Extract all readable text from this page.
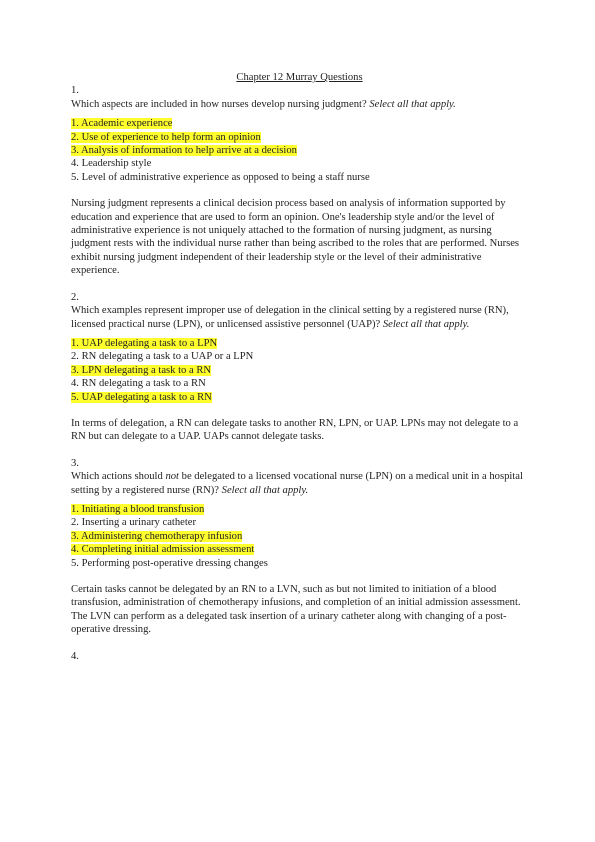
Chapter 12 Murray Questions

1.

Which aspects are included in how nurses develop nursing judgment? Select all that apply.

1. Academic experience
2. Use of experience to help form an opinion
3. Analysis of information to help arrive at a decision
4. Leadership style
5. Level of administrative experience as opposed to being a staff nurse

Nursing judgment represents a clinical decision process based on analysis of information supported by education and experience that are used to form an opinion. One's leadership style and/or the level of administrative experience is not uniquely attached to the formation of nursing judgment, as nursing judgment rests with the individual nurse rather than being ascribed to the roles that are performed. Nurses exhibit nursing judgment independent of their leadership style or the level of their administrative experience.

2.

Which examples represent improper use of delegation in the clinical setting by a registered nurse (RN), licensed practical nurse (LPN), or unlicensed assistive personnel (UAP)? Select all that apply.

1. UAP delegating a task to a LPN
2. RN delegating a task to a UAP or a LPN
3. LPN delegating a task to a RN
4. RN delegating a task to a RN
5. UAP delegating a task to a RN

In terms of delegation, a RN can delegate tasks to another RN, LPN, or UAP. LPNs may not delegate to a RN but can delegate to a UAP. UAPs cannot delegate tasks.

3.

Which actions should not be delegated to a licensed vocational nurse (LPN) on a medical unit in a hospital setting by a registered nurse (RN)? Select all that apply.

1. Initiating a blood transfusion
2. Inserting a urinary catheter
3. Administering chemotherapy infusion
4. Completing initial admission assessment
5. Performing post-operative dressing changes

Certain tasks cannot be delegated by an RN to a LVN, such as but not limited to initiation of a blood transfusion, administration of chemotherapy infusions, and completion of an initial admission assessment. The LVN can perform as a delegated task insertion of a urinary catheter along with changing of a post-operative dressing.

4.
